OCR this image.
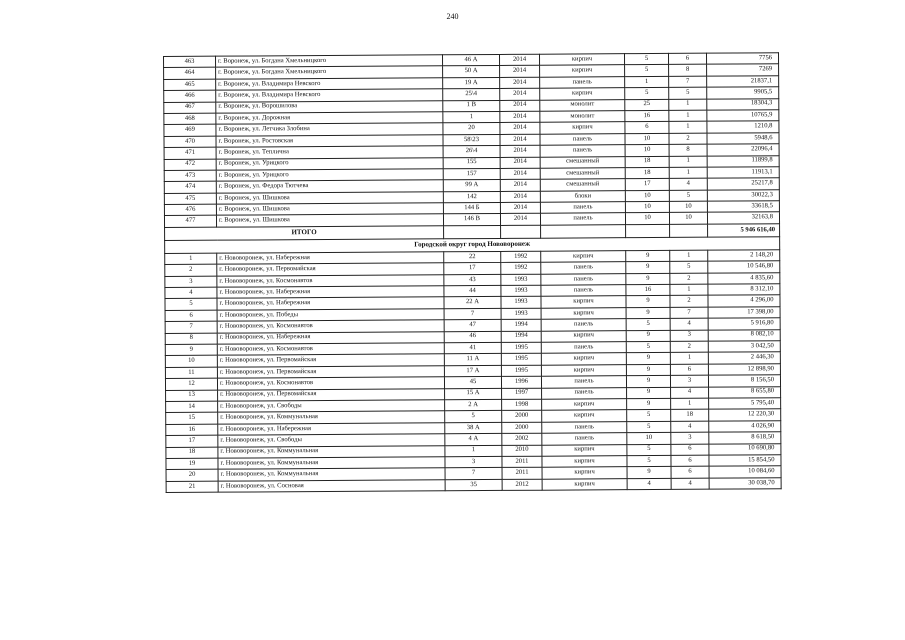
240
463	г. Воронеж, ул. Богдана Хмельницкого	46 А	2014	кирпич	5	6	7756
464	г. Воронеж, ул. Богдана Хмельницкого	50 А	2014	кирпич	5	8	7269
465	г. Воронеж, ул. Владимира Невского	19 А	2014	панель	1	7	21837,1
466	г. Воронеж, ул. Владимира Невского	25\4	2014	кирпич	5	5	9905,5
467	г. Воронеж, ул. Ворошилова	1 В	2014	монолит	25	1	18304,3
468	г. Воронеж, ул. Дорожная	1	2014	монолит	16	1	10765,9
469	г. Воронеж, ул. Летчика Злобина	20	2014	кирпич	6	1	1210,8
470	г. Воронеж, ул. Ростовская	58\23	2014	панель	10	2	5948,6
471	г. Воронеж, ул. Теплична	26\4	2014	панель	10	8	22096,4
472	г. Воронеж, ул. Урицкого	155	2014	смешанный	18	1	11899,8
473	г. Воронеж, ул. Урицкого	157	2014	смешанный	18	1	11913,1
474	г. Воронеж, ул. Федора Тютчева	99 А	2014	смешанный	17	4	25217,8
475	г. Воронеж, ул. Шишкова	142	2014	блоки	10	5	30022,3
476	г. Воронеж, ул. Шишкова	144 Б	2014	панель	10	10	33618,5
477	г. Воронеж, ул. Шишкова	146 В	2014	панель	10	10	32163,8
ИТОГО							5 946 616,40
Городской округ город Нововоронеж							
1	г. Нововоронеж, ул. Набережная	22	1992	кирпич	9	1	2 148,20
2	г. Нововоронеж, ул. Первомайская	17	1992	панель	9	5	10 546,80
3	г. Нововоронеж, ул. Космонавтов	43	1993	панель	9	2	4 835,60
4	г. Нововоронеж, ул. Набережная	44	1993	панель	16	1	8 312,10
5	г. Нововоронеж, ул. Набережная	22 А	1993	кирпич	9	2	4 296,00
6	г. Нововоронеж, ул. Победы	7	1993	кирпич	9	7	17 398,00
7	г. Нововоронеж, ул. Космонавтов	47	1994	панель	5	4	5 916,80
8	г. Нововоронеж, ул. Набережная	46	1994	кирпич	9	3	8 082,10
9	г. Нововоронеж, ул. Космонавтов	41	1995	панель	5	2	3 042,50
10	г. Нововоронеж, ул. Первомайская	11 А	1995	кирпич	9	1	2 446,30
11	г. Нововоронеж, ул. Первомайская	17 А	1995	кирпич	9	6	12 898,90
12	г. Нововоронеж, ул. Космонавтов	45	1996	панель	9	3	8 156,50
13	г. Нововоронеж, ул. Первомайская	15 А	1997	панель	9	4	8 655,80
14	г. Нововоронеж, ул. Свободы	2 А	1998	кирпич	9	1	5 795,40
15	г. Нововоронеж, ул. Коммунальная	5	2000	кирпич	5	18	12 220,30
16	г. Нововоронеж, ул. Набережная	38 А	2000	панель	5	4	4 026,90
17	г. Нововоронеж, ул. Свободы	4 А	2002	панель	10	3	8 618,50
18	г. Нововоронеж, ул. Коммунальная	1	2010	кирпич	5	6	10 690,80
19	г. Нововоронеж, ул. Коммунальная	3	2011	кирпич	5	6	15 854,50
20	г. Нововоронеж, ул. Коммунальная	7	2011	кирпич	9	6	10 084,60
21	г. Нововоронеж, ул. Сосновая	35	2012	кирпич	4	4	30 038,70
